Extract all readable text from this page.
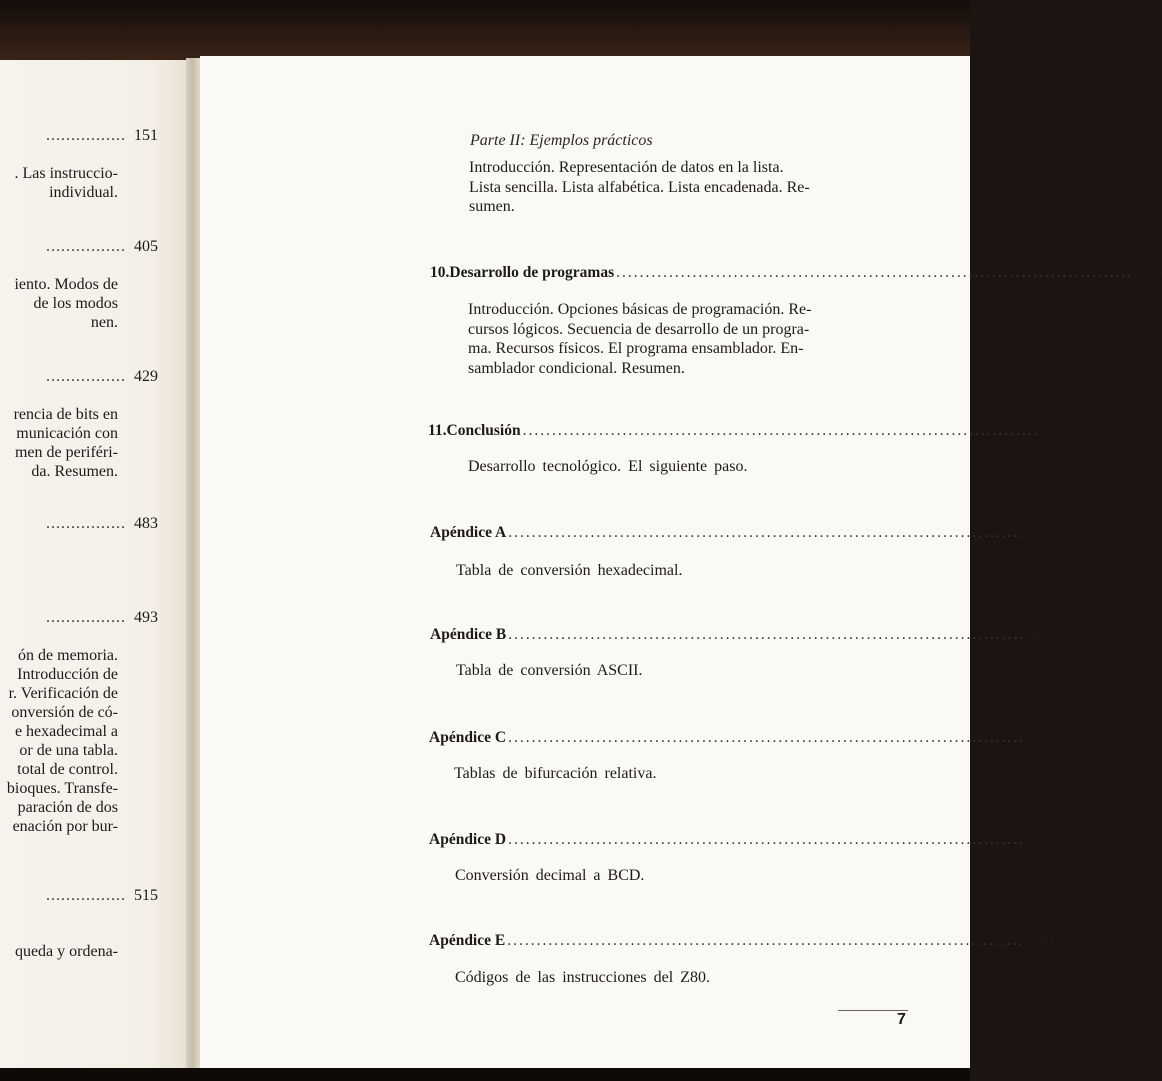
................ 151
. Las instruccio-
individual.
................ 405
iento. Modos de
de los modos
nen.
................ 429
rencia de bits en
municación con
men de periféri-
da. Resumen.
................ 483
................ 493
ón de memoria.
Introducción de
r. Verificación de
onversión de có-
e hexadecimal a
or de una tabla.
total de control.
bioques. Transfe-
paración de dos
enación por bur-
................ 515
queda y ordena-
Parte II: Ejemplos prácticos
Introducción. Representación de datos en la lista.
Lista sencilla. Lista alfabética. Lista encadenada. Re-
sumen.
10. Desarrollo de programas ........................................................................................ 555
Introducción. Opciones básicas de programación. Re-
cursos lógicos. Secuencia de desarrollo de un progra-
ma. Recursos físicos. El programa ensamblador. En-
samblador condicional. Resumen.
11. Conclusión ........................................................................................ 579
Desarrollo tecnológico. El siguiente paso.
Apéndice A ........................................................................................ 581
Tabla de conversión hexadecimal.
Apéndice B ........................................................................................ 583
Tabla de conversión ASCII.
Apéndice C ........................................................................................ 585
Tablas de bifurcación relativa.
Apéndice D ........................................................................................ 587
Conversión decimal a BCD.
Apéndice E ........................................................................................ 589
Códigos de las instrucciones del Z80.
7
